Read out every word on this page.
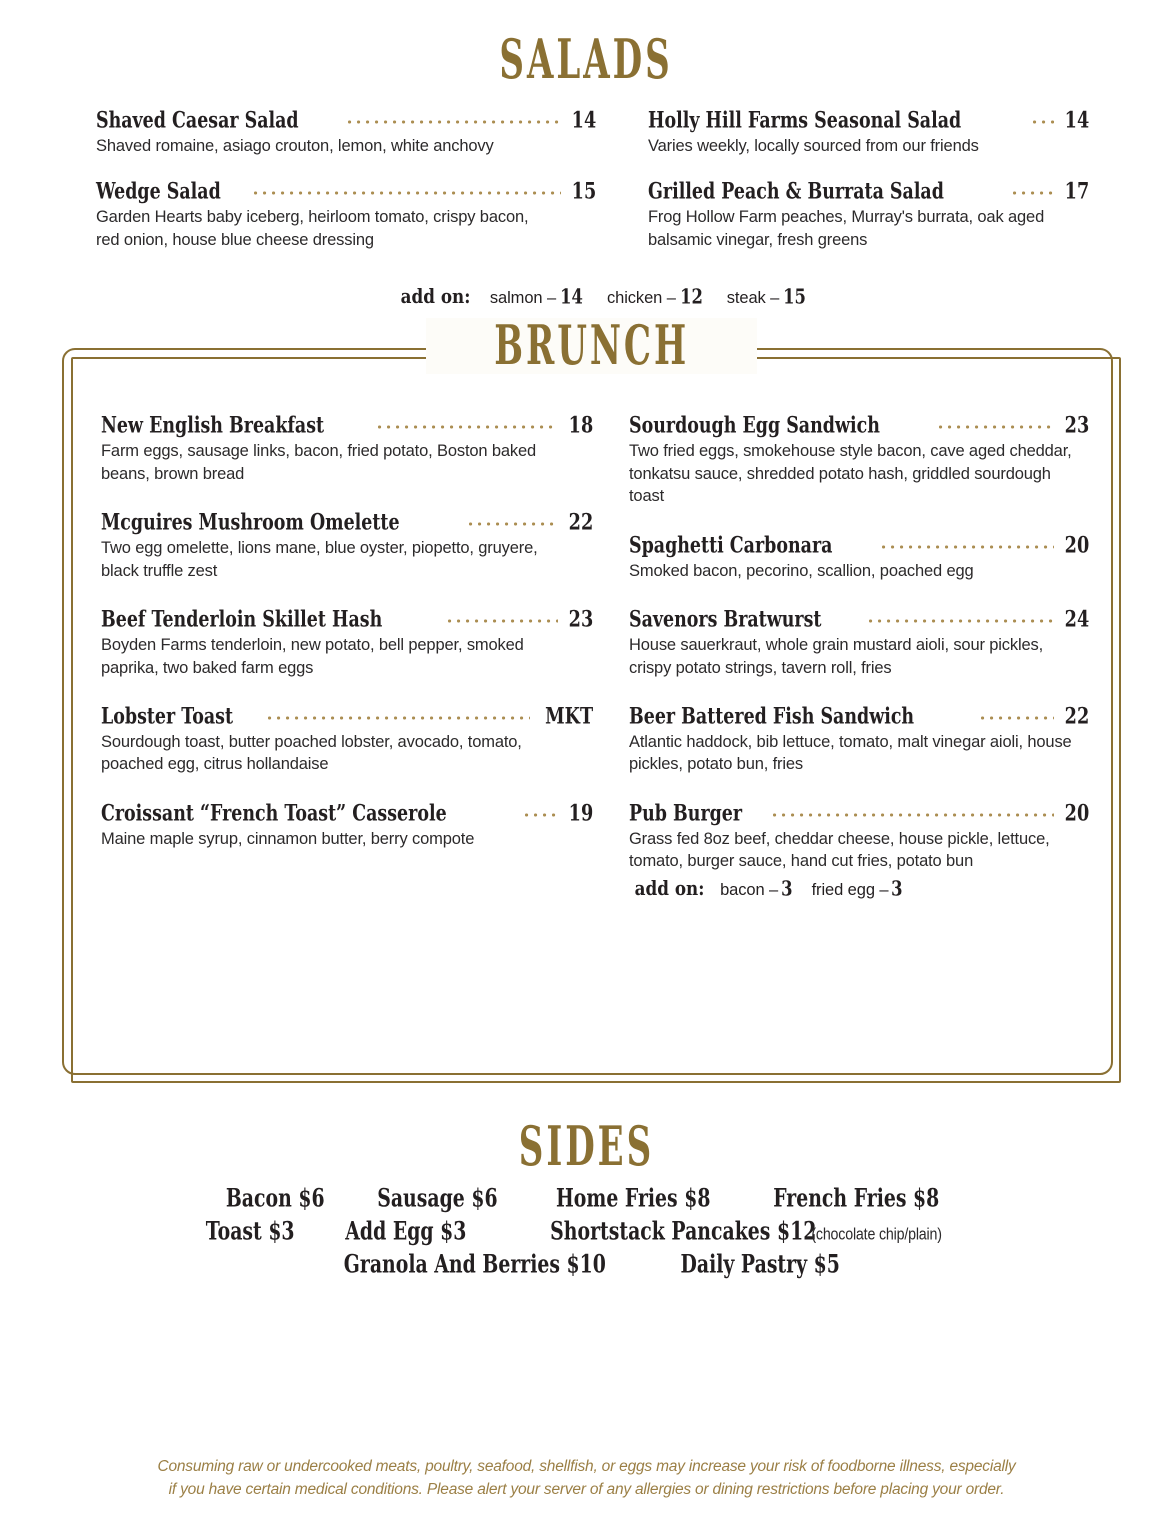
SALADS
Shaved Caesar Salad	14
Shaved romaine, asiago crouton, lemon, white anchovy
Wedge Salad	15
Garden Hearts baby iceberg, heirloom tomato, crispy bacon, red onion, house blue cheese dressing
Holly Hill Farms Seasonal Salad	14
Varies weekly, locally sourced from our friends
Grilled Peach & Burrata Salad	17
Frog Hollow Farm peaches, Murray's burrata, oak aged balsamic vinegar, fresh greens
add on: salmon – 14 chicken – 12 steak – 15
BRUNCH
New English Breakfast	18
Farm eggs, sausage links, bacon, fried potato, Boston baked beans, brown bread
Mcguires Mushroom Omelette	22
Two egg omelette, lions mane, blue oyster, piopetto, gruyere, black truffle zest
Beef Tenderloin Skillet Hash	23
Boyden Farms tenderloin, new potato, bell pepper, smoked paprika, two baked farm eggs
Lobster Toast	MKT
Sourdough toast, butter poached lobster, avocado, tomato, poached egg, citrus hollandaise
Croissant “French Toast” Casserole	19
Maine maple syrup, cinnamon butter, berry compote
Sourdough Egg Sandwich	23
Two fried eggs, smokehouse style bacon, cave aged cheddar, tonkatsu sauce, shredded potato hash, griddled sourdough toast
Spaghetti Carbonara	20
Smoked bacon, pecorino, scallion, poached egg
Savenors Bratwurst	24
House sauerkraut, whole grain mustard aioli, sour pickles, crispy potato strings, tavern roll, fries
Beer Battered Fish Sandwich	22
Atlantic haddock, bib lettuce, tomato, malt vinegar aioli, house pickles, potato bun, fries
Pub Burger	20
Grass fed 8oz beef, cheddar cheese, house pickle, lettuce, tomato, burger sauce, hand cut fries, potato bun
add on: bacon – 3 fried egg – 3
SIDES
Bacon $6 Sausage $6	Home Fries $8	French Fries $8
Toast $3 Add Egg $3	Shortstack Pancakes $12(chocolate chip/plain)
Granola And Berries $10	Daily Pastry $5
Consuming raw or undercooked meats, poultry, seafood, shellfish, or eggs may increase your risk of foodborne illness, especially
if you have certain medical conditions. Please alert your server of any allergies or dining restrictions before placing your order.
